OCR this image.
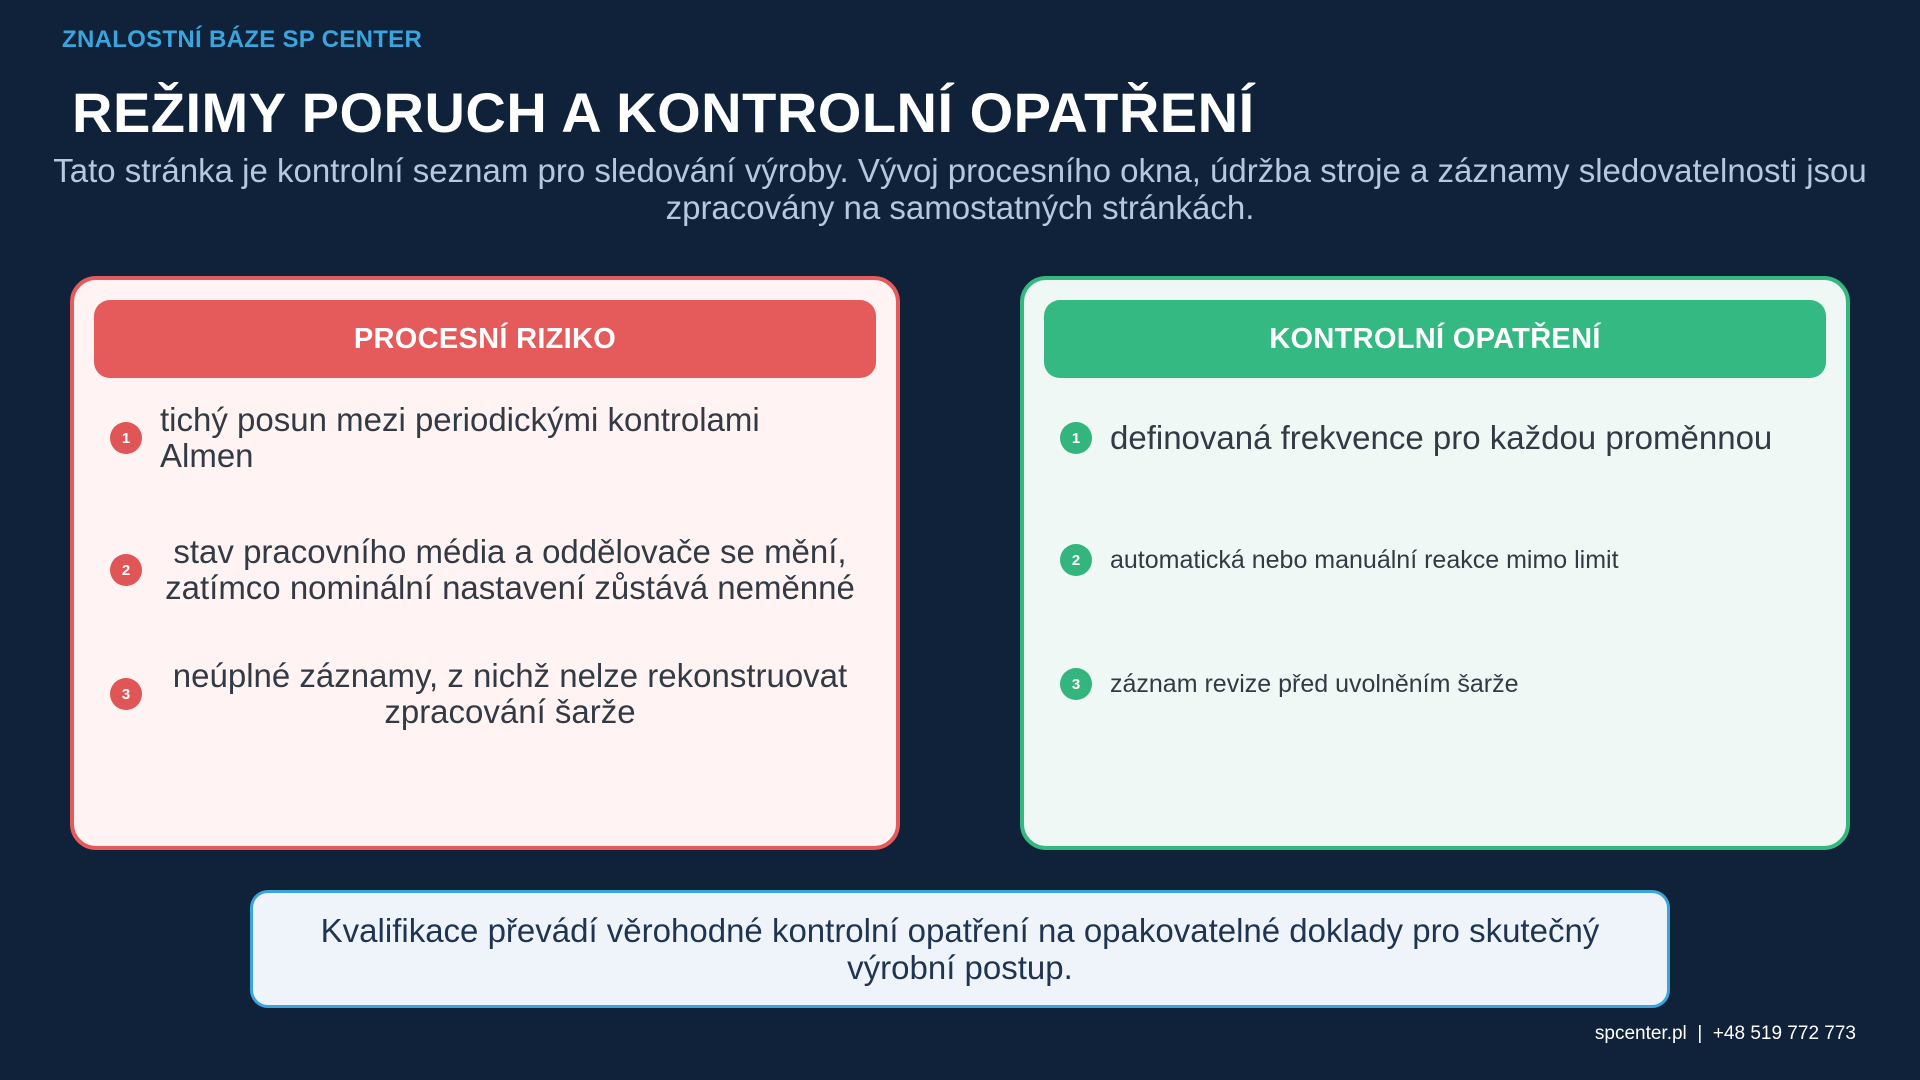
ZNALOSTNÍ BÁZE SP CENTER
REŽIMY PORUCH A KONTROLNÍ OPATŘENÍ
Tato stránka je kontrolní seznam pro sledování výroby. Vývoj procesního okna, údržba stroje a záznamy sledovatelnosti jsou zpracovány na samostatných stránkách.
PROCESNÍ RIZIKO
1 tichý posun mezi periodickými kontrolami Almen
2	stav pracovního média a oddělovače se mění, zatímco nominální nastavení zůstává neměnné
3	neúplné záznamy, z nichž nelze rekonstruovat zpracování šarže
KONTROLNÍ OPATŘENÍ
1 definovaná frekvence pro každou proměnnou
2	automatická nebo manuální reakce mimo limit
3	záznam revize před uvolněním šarže
Kvalifikace převádí věrohodné kontrolní opatření na opakovatelné doklady pro skutečný výrobní postup.
spcenter.pl  |  +48 519 772 773
